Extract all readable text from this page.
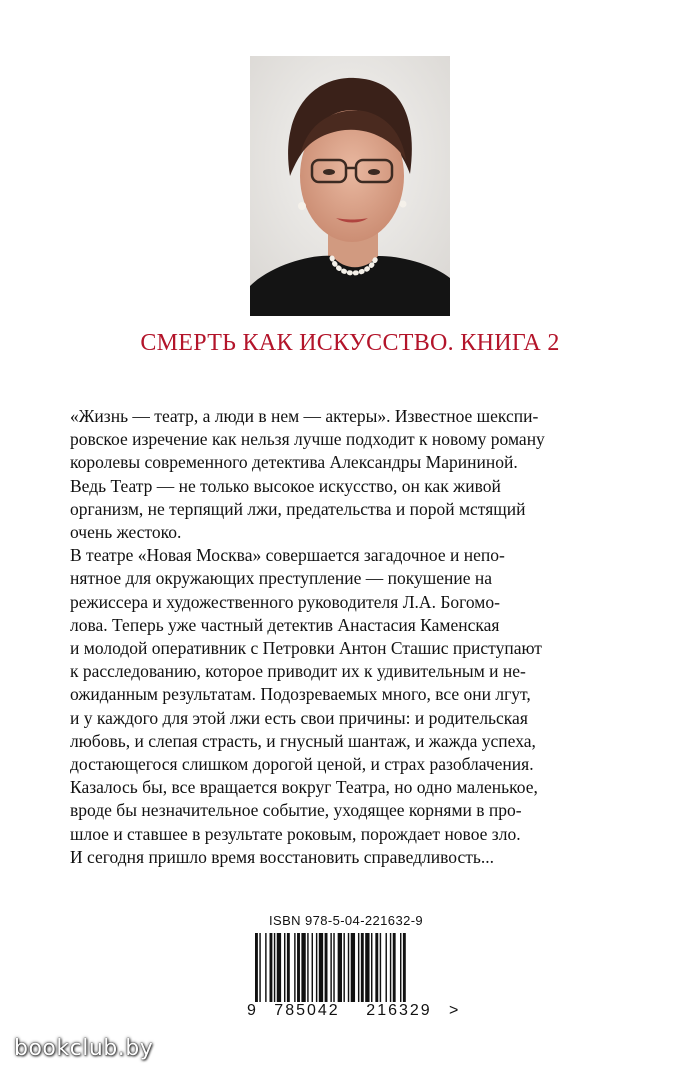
СМЕРТЬ КАК ИСКУССТВО. КНИГА 2
«Жизнь — театр, а люди в нем — актеры». Известное шекспи-
ровское изречение как нельзя лучше подходит к новому роману
королевы современного детектива Александры Марининой.
Ведь Театр — не только высокое искусство, он как живой
организм, не терпящий лжи, предательства и порой мстящий
очень жестоко.
В театре «Новая Москва» совершается загадочное и непо-
нятное для окружающих преступление — покушение на
режиссера и художественного руководителя Л.А. Богомо-
лова. Теперь уже частный детектив Анастасия Каменская
и молодой оперативник с Петровки Антон Сташис приступают
к расследованию, которое приводит их к удивительным и не-
ожиданным результатам. Подозреваемых много, все они лгут,
и у каждого для этой лжи есть свои причины: и родительская
любовь, и слепая страсть, и гнусный шантаж, и жажда успеха,
достающегося слишком дорогой ценой, и страх разоблачения.
Казалось бы, все вращается вокруг Театра, но одно маленькое,
вроде бы незначительное событие, уходящее корнями в про-
шлое и ставшее в результате роковым, порождает новое зло.
И сегодня пришло время восстановить справедливость...
ISBN 978-5-04-221632-9
9	785042	216329	>
bookclub.by
